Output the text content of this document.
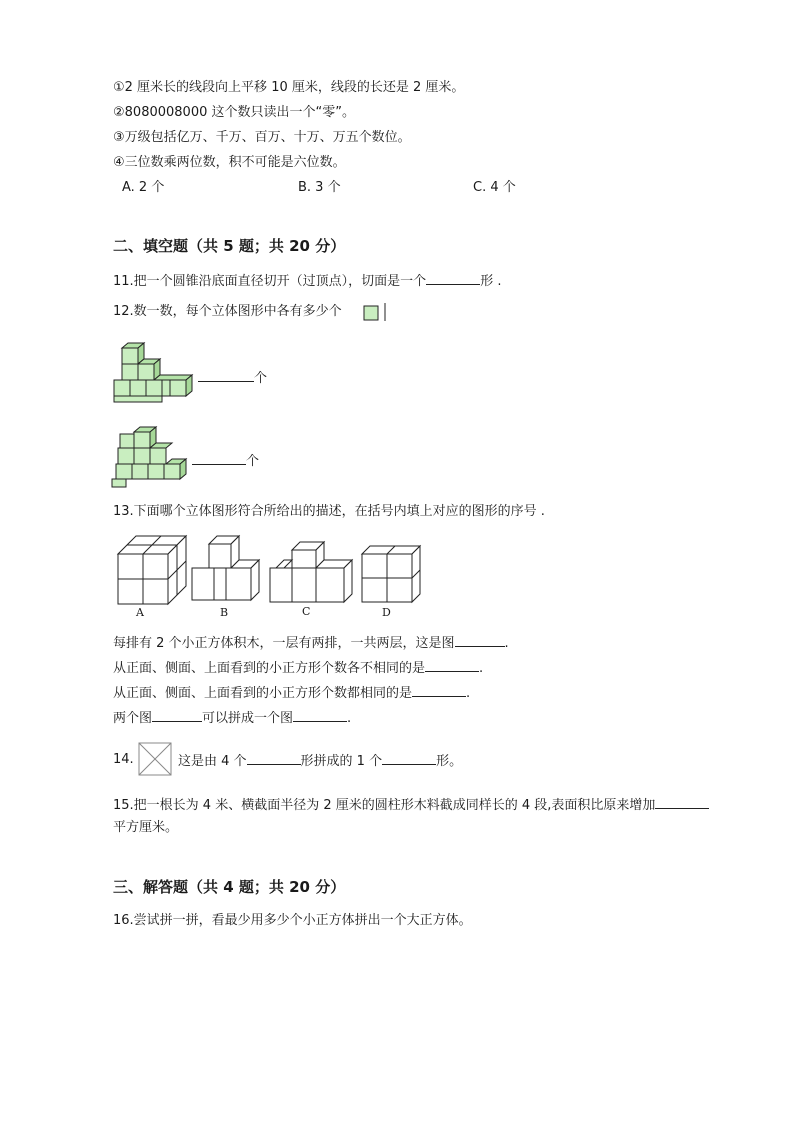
①2 厘米长的线段向上平移 10 厘米，线段的长还是 2 厘米。
②8080008000 这个数只读出一个“零”。
③万级包括亿万、千万、百万、十万、万五个数位。
④三位数乘两位数，积不可能是六位数。
A. 2 个	B. 3 个	C. 4 个
二、填空题（共 5 题；共 20 分）
11.把一个圆锥沿底面直径切开（过顶点），切面是一个	形 .
12.数一数，每个立体图形中各有多少个
个
个
13.下面哪个立体图形符合所给出的描述，在括号内填上对应的图形的序号 .
A	B	C	D
每排有 2 个小正方体积木，一层有两排，一共两层，这是图	.
从正面、侧面、上面看到的小正方形个数各不相同的是	.
从正面、侧面、上面看到的小正方形个数都相同的是	.
两个图	可以拼成一个图	.
14.	这是由 4 个	形拼成的 1 个	形。
15.把一根长为 4 米、横截面半径为 2 厘米的圆柱形木料截成同样长的 4 段,表面积比原来增加
平方厘米。
三、解答题（共 4 题；共 20 分）
16.尝试拼一拼，看最少用多少个小正方体拼出一个大正方体。
